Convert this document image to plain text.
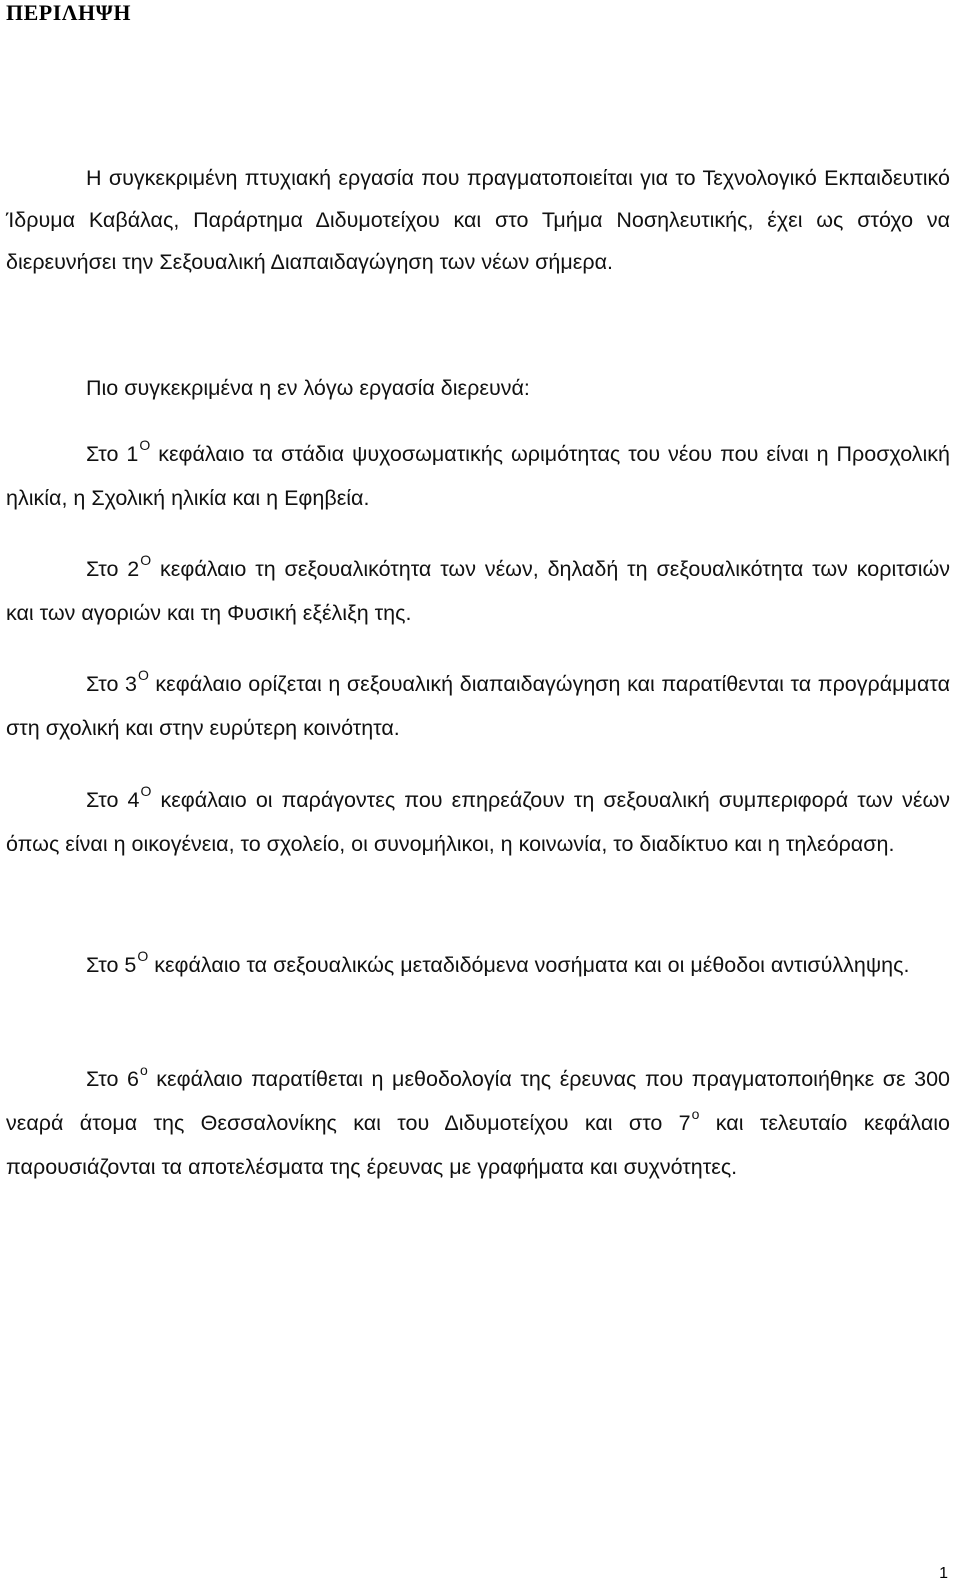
ΠΕΡΙΛΗΨΗ

Η συγκεκριμένη πτυχιακή εργασία που πραγματοποιείται για το Τεχνολογικό Εκπαιδευτικό Ίδρυμα Καβάλας, Παράρτημα Διδυμοτείχου και στο Τμήμα Νοσηλευτικής, έχει ως στόχο να διερευνήσει την Σεξουαλική Διαπαιδαγώγηση των νέων σήμερα.

Πιο συγκεκριμένα η εν λόγω εργασία διερευνά:

Στο $1^O$ κεφάλαιο τα στάδια ψυχοσωματικής ωριμότητας του νέου που είναι η Προσχολική ηλικία, η Σχολική ηλικία και η Εφηβεία.

Στο $2^O$ κεφάλαιο τη σεξουαλικότητα των νέων, δηλαδή τη σεξουαλικότητα των κοριτσιών και των αγοριών και τη Φυσική εξέλιξη της.

Στο $3^O$ κεφάλαιο ορίζεται η σεξουαλική διαπαιδαγώγηση και παρατίθενται τα προγράμματα στη σχολική και στην ευρύτερη κοινότητα.

Στο $4^O$ κεφάλαιο οι παράγοντες που επηρεάζουν τη σεξουαλική συμπεριφορά των νέων όπως είναι η οικογένεια, το σχολείο, οι συνομήλικοι, η κοινωνία, το διαδίκτυο και η τηλεόραση.

Στο $5^O$ κεφάλαιο τα σεξουαλικώς μεταδιδόμενα νοσήματα και οι μέθοδοι αντισύλληψης.

Στο $6^o$ κεφάλαιο παρατίθεται η μεθοδολογία της έρευνας που πραγματοποιήθηκε σε 300 νεαρά άτομα της Θεσσαλονίκης και του Διδυμοτείχου και στο $7^o$ και τελευταίο κεφάλαιο παρουσιάζονται τα αποτελέσματα της έρευνας με γραφήματα και συχνότητες.

1
